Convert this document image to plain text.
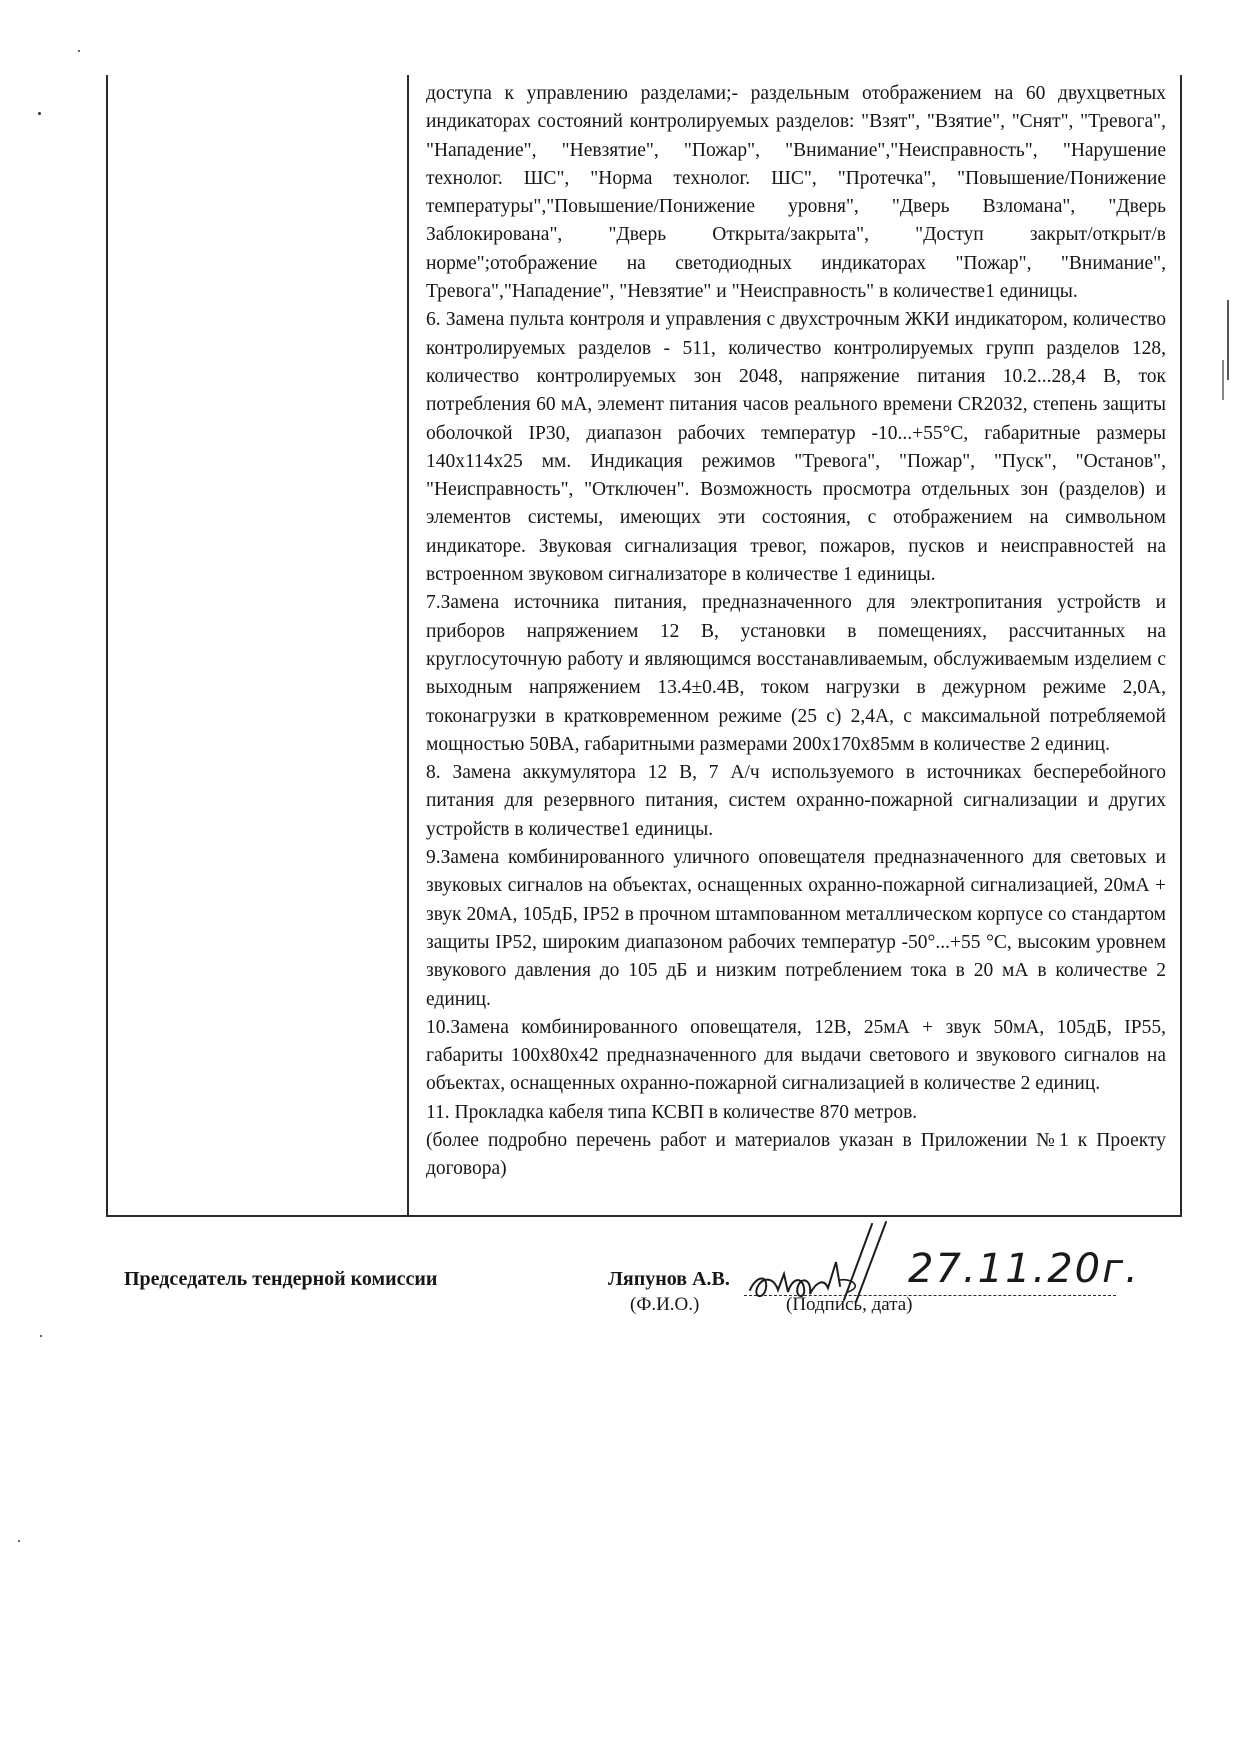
доступа к управлению разделами;- раздельным отображением на 60 двухцветных индикаторах состояний контролируемых разделов: "Взят", "Взятие", "Снят", "Тревога", "Нападение", "Невзятие", "Пожар", "Внимание","Неисправность", "Нарушение технолог. ШС", "Норма технолог. ШС", "Протечка", "Повышение/Понижение температуры","Повышение/Понижение уровня", "Дверь Взломана", "Дверь Заблокирована", "Дверь Открыта/закрыта", "Доступ закрыт/открыт/в норме";отображение на светодиодных индикаторах "Пожар", "Внимание", Тревога","Нападение", "Невзятие" и "Неисправность" в количестве1 единицы.

6. Замена пульта контроля и управления с двухстрочным ЖКИ индикатором, количество контролируемых разделов - 511, количество контролируемых групп разделов 128, количество контролируемых зон 2048, напряжение питания 10.2...28,4 В, ток потребления 60 мА, элемент питания часов реального времени CR2032, степень защиты оболочкой IP30, диапазон рабочих температур -10...+55°С, габаритные размеры 140х114х25 мм. Индикация режимов "Тревога", "Пожар", "Пуск", "Останов", "Неисправность", "Отключен". Возможность просмотра отдельных зон (разделов) и элементов системы, имеющих эти состояния, с отображением на символьном индикаторе. Звуковая сигнализация тревог, пожаров, пусков и неисправностей на встроенном звуковом сигнализаторе в количестве 1 единицы.

7.Замена источника питания, предназначенного для электропитания устройств и приборов напряжением 12 В, установки в помещениях, рассчитанных на круглосуточную работу и являющимся восстанавливаемым, обслуживаемым изделием с выходным напряжением 13.4±0.4В, током нагрузки в дежурном режиме 2,0А, токонагрузки в кратковременном режиме (25 с) 2,4А, с максимальной потребляемой мощностью 50ВА, габаритными размерами 200х170х85мм в количестве 2 единиц.

8. Замена аккумулятора 12 В, 7 А/ч используемого в источниках бесперебойного питания для резервного питания, систем охранно-пожарной сигнализации и других устройств в количестве1 единицы.

9.Замена комбинированного уличного оповещателя предназначенного для световых и звуковых сигналов на объектах, оснащенных охранно-пожарной сигнализацией, 20мА + звук 20мА, 105дБ, IP52 в прочном штампованном металлическом корпусе со стандартом защиты IP52, широким диапазоном рабочих температур -50°...+55 °С, высоким уровнем звукового давления до 105 дБ и низким потреблением тока в 20 мА в количестве 2 единиц.

10.Замена комбинированного оповещателя, 12В, 25мА + звук 50мА, 105дБ, IP55, габариты 100х80х42 предназначенного для выдачи светового и звукового сигналов на объектах, оснащенных охранно-пожарной сигнализацией в количестве 2 единиц.

11. Прокладка кабеля типа КСВП в количестве 870 метров.

(более подробно перечень работ и материалов указан в Приложении №1 к Проекту договора)

Председатель тендерной комиссии	Ляпунов А.В.
(Ф.И.О.)	(Подпись, дата)
27.11.20г.
